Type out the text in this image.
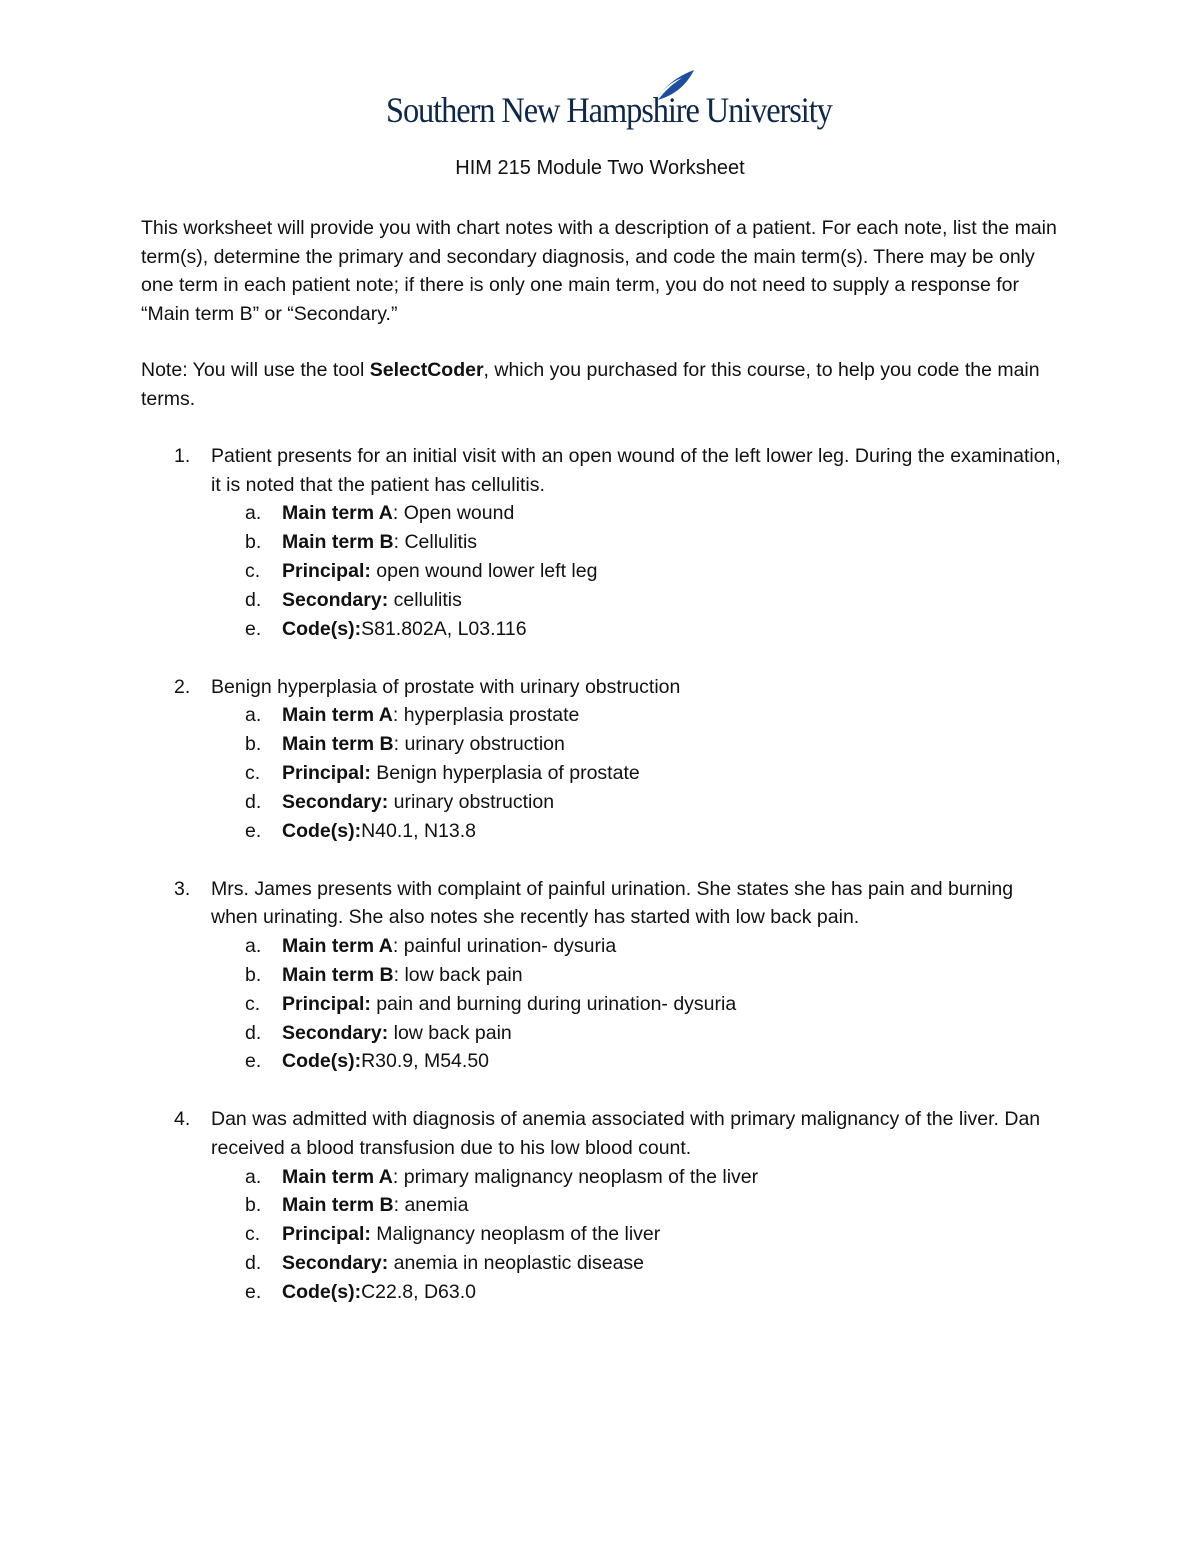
Southern New Hampshire University
HIM 215 Module Two Worksheet

This worksheet will provide you with chart notes with a description of a patient. For each note, list the main term(s), determine the primary and secondary diagnosis, and code the main term(s). There may be only one term in each patient note; if there is only one main term, you do not need to supply a response for “Main term B” or “Secondary.”

Note: You will use the tool SelectCoder, which you purchased for this course, to help you code the main terms.

1. Patient presents for an initial visit with an open wound of the left lower leg. During the examination, it is noted that the patient has cellulitis.
a. Main term A: Open wound
b. Main term B: Cellulitis
c. Principal: open wound lower left leg
d. Secondary: cellulitis
e. Code(s):S81.802A, L03.116
2. Benign hyperplasia of prostate with urinary obstruction
a. Main term A: hyperplasia prostate
b. Main term B: urinary obstruction
c. Principal: Benign hyperplasia of prostate
d. Secondary: urinary obstruction
e. Code(s):N40.1, N13.8
3. Mrs. James presents with complaint of painful urination. She states she has pain and burning when urinating. She also notes she recently has started with low back pain.
a. Main term A: painful urination- dysuria
b. Main term B: low back pain
c. Principal: pain and burning during urination- dysuria
d. Secondary: low back pain
e. Code(s):R30.9, M54.50
4. Dan was admitted with diagnosis of anemia associated with primary malignancy of the liver. Dan received a blood transfusion due to his low blood count.
a. Main term A: primary malignancy neoplasm of the liver
b. Main term B: anemia
c. Principal: Malignancy neoplasm of the liver
d. Secondary: anemia in neoplastic disease
e. Code(s):C22.8, D63.0
